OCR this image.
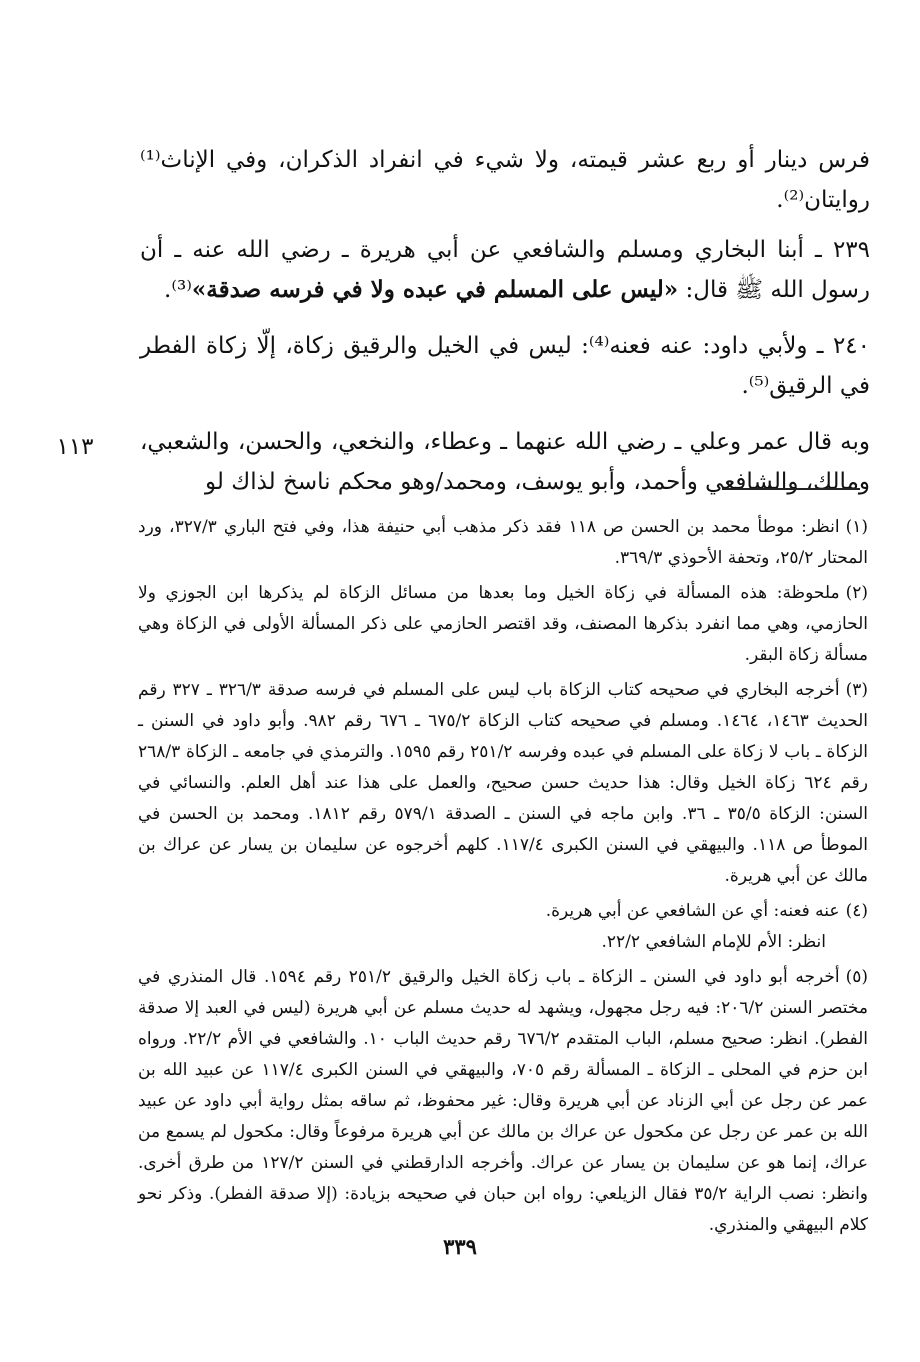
فرس دينار أو ربع عشر قيمته، ولا شيء في انفراد الذكران، وفي الإناث⁽¹⁾ روايتان⁽²⁾.

٢٣٩ ـ أبنا البخاري ومسلم والشافعي عن أبي هريرة ـ رضي الله عنه ـ أن رسول الله ﷺ قال: «ليس على المسلم في عبده ولا في فرسه صدقة»⁽³⁾.

٢٤٠ ـ ولأبي داود: عنه فعنه⁽⁴⁾: ليس في الخيل والرقيق زكاة، إلّا زكاة الفطر في الرقيق⁽⁵⁾.

وبه قال عمر وعلي ـ رضي الله عنهما ـ وعطاء، والنخعي، والحسن، والشعبي، ومالك، والشافعي وأحمد، وأبو يوسف، ومحمد/وهو محكم ناسخ لذاك لو

١١٣
(١)انظر: موطأ محمد بن الحسن ص ١١٨ فقد ذكر مذهب أبي حنيفة هذا، وفي فتح الباري ٣٢٧/٣، ورد المحتار ٢٥/٢، وتحفة الأحوذي ٣٦٩/٣.
(٢)ملحوظة: هذه المسألة في زكاة الخيل وما بعدها من مسائل الزكاة لم يذكرها ابن الجوزي ولا الحازمي، وهي مما انفرد بذكرها المصنف، وقد اقتصر الحازمي على ذكر المسألة الأولى في الزكاة وهي مسألة زكاة البقر.
(٣)أخرجه البخاري في صحيحه كتاب الزكاة باب ليس على المسلم في فرسه صدقة ٣٢٦/٣ ـ ٣٢٧ رقم الحديث ١٤٦٣، ١٤٦٤. ومسلم في صحيحه كتاب الزكاة ٦٧٥/٢ ـ ٦٧٦ رقم ٩٨٢. وأبو داود في السنن ـ الزكاة ـ باب لا زكاة على المسلم في عبده وفرسه ٢٥١/٢ رقم ١٥٩٥. والترمذي في جامعه ـ الزكاة ٢٦٨/٣ رقم ٦٢٤ زكاة الخيل وقال: هذا حديث حسن صحيح، والعمل على هذا عند أهل العلم. والنسائي في السنن: الزكاة ٣٥/٥ ـ ٣٦. وابن ماجه في السنن ـ الصدقة ٥٧٩/١ رقم ١٨١٢. ومحمد بن الحسن في الموطأ ص ١١٨. والبيهقي في السنن الكبرى ١١٧/٤. كلهم أخرجوه عن سليمان بن يسار عن عراك بن مالك عن أبي هريرة.
(٤)عنه فعنه: أي عن الشافعي عن أبي هريرة.
انظر: الأم للإمام الشافعي ٢٢/٢.
(٥)أخرجه أبو داود في السنن ـ الزكاة ـ باب زكاة الخيل والرقيق ٢٥١/٢ رقم ١٥٩٤. قال المنذري في مختصر السنن ٢٠٦/٢: فيه رجل مجهول، ويشهد له حديث مسلم عن أبي هريرة (ليس في العبد إلا صدقة الفطر). انظر: صحيح مسلم، الباب المتقدم ٦٧٦/٢ رقم حديث الباب ١٠. والشافعي في الأم ٢٢/٢. ورواه ابن حزم في المحلى ـ الزكاة ـ المسألة رقم ٧٠٥، والبيهقي في السنن الكبرى ١١٧/٤ عن عبيد الله بن عمر عن رجل عن أبي الزناد عن أبي هريرة وقال: غير محفوظ، ثم ساقه بمثل رواية أبي داود عن عبيد الله بن عمر عن رجل عن مكحول عن عراك بن مالك عن أبي هريرة مرفوعاً وقال: مكحول لم يسمع من عراك، إنما هو عن سليمان بن يسار عن عراك. وأخرجه الدارقطني في السنن ١٢٧/٢ من طرق أخرى. وانظر: نصب الراية ٣٥/٢ فقال الزيلعي: رواه ابن حبان في صحيحه بزيادة: (إلا صدقة الفطر). وذكر نحو كلام البيهقي والمنذري.
٣٣٩
